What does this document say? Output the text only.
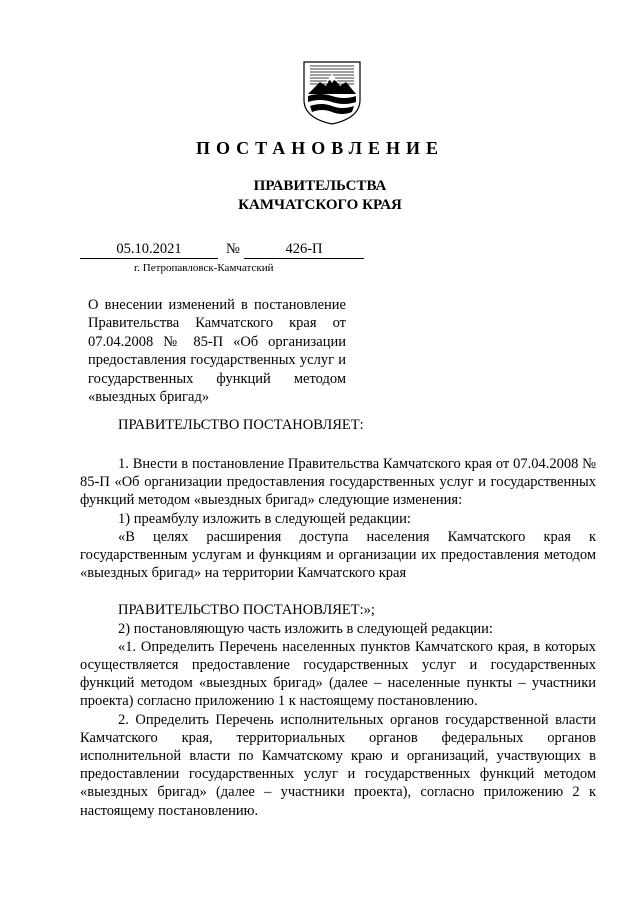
ПОСТАНОВЛЕНИЕ
ПРАВИТЕЛЬСТВА
КАМЧАТСКОГО КРАЯ
05.10.2021	№	426-П
г. Петропавловск-Камчатский
О внесении изменений в постановление Правительства Камчатского края от 07.04.2008 № 85-П «Об организации предоставления государственных услуг и государственных функций методом «выездных бригад»
ПРАВИТЕЛЬСТВО ПОСТАНОВЛЯЕТ:

1. Внести в постановление Правительства Камчатского края от 07.04.2008 № 85-П «Об организации предоставления государственных услуг и государственных функций методом «выездных бригад» следующие изменения:

1) преамбулу изложить в следующей редакции:

«В целях расширения доступа населения Камчатского края к государственным услугам и функциям и организации их предоставления методом «выездных бригад» на территории Камчатского края

ПРАВИТЕЛЬСТВО ПОСТАНОВЛЯЕТ:»;

2) постановляющую часть изложить в следующей редакции:

«1. Определить Перечень населенных пунктов Камчатского края, в которых осуществляется предоставление государственных услуг и государственных функций методом «выездных бригад» (далее – населенные пункты – участники проекта) согласно приложению 1 к настоящему постановлению.

2. Определить Перечень исполнительных органов государственной власти Камчатского края, территориальных органов федеральных органов исполнительной власти по Камчатскому краю и организаций, участвующих в предоставлении государственных услуг и государственных функций методом «выездных бригад» (далее – участники проекта), согласно приложению 2 к настоящему постановлению.
